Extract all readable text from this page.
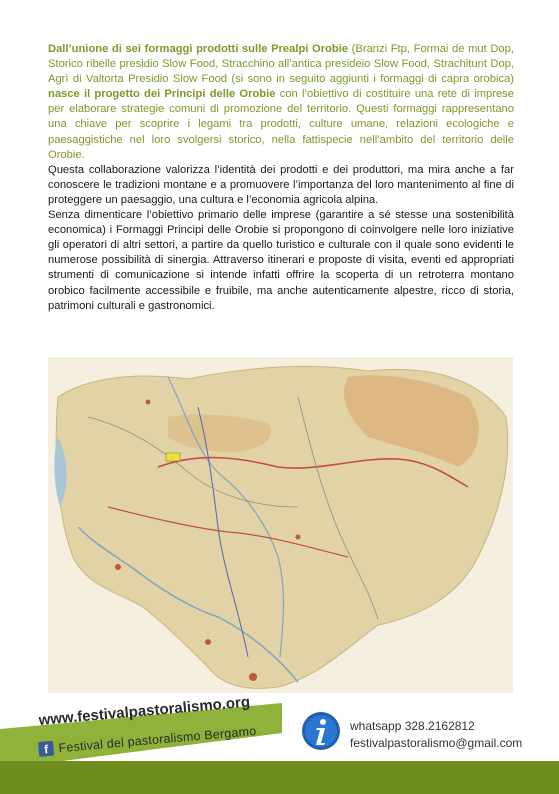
Dall’unione di sei formaggi prodotti sulle Prealpi Orobie (Branzi Ftp, Formai de mut Dop, Storico ribelle presidio Slow Food, Stracchino all’antica presideio Slow Food, Strachitunt Dop, Agrì di Valtorta Presidio Slow Food (si sono in seguito aggiunti i formaggi di capra orobica) nasce il progetto dei Principi delle Orobie con l’obiettivo di costituire una rete di imprese per elaborare strategie comuni di promozione del territorio. Questi formaggi rappresentano una chiave per scoprire i legami tra prodotti, culture umane, relazioni ecologiche e paesaggistiche nel loro svolgersi storico, nella fattispecie nell’ambito del territorio delle Orobie.
Questa collaborazione valorizza l’identità dei prodotti e dei produttori, ma mira anche a far conoscere le tradizioni montane e a promuovere l’importanza del loro mantenimento al fine di proteggere un paesaggio, una cultura e l’economia agricola alpina.
Senza dimenticare l’obiettivo primario delle imprese (garantire a sé stesse una sostenibilità economica) i Formaggi Principi delle Orobie si propongono di coinvolgere nelle loro iniziative gli operatori di altri settori, a partire da quello turistico e culturale con il quale sono evidenti le numerose possibilità di sinergia. Attraverso itinerari e proposte di visita, eventi ed appropriati strumenti di comunicazione si intende infatti offrire la scoperta di un retroterra montano orobico facilmente accessibile e fruibile, ma anche autenticamente alpestre, ricco di storia, patrimoni culturali e gastronomici.
www.festivalpastoralismo.org
f Festival del pastoralismo Bergamo	whatsapp 328.2162812
festivalpastoralismo@gmail.com
